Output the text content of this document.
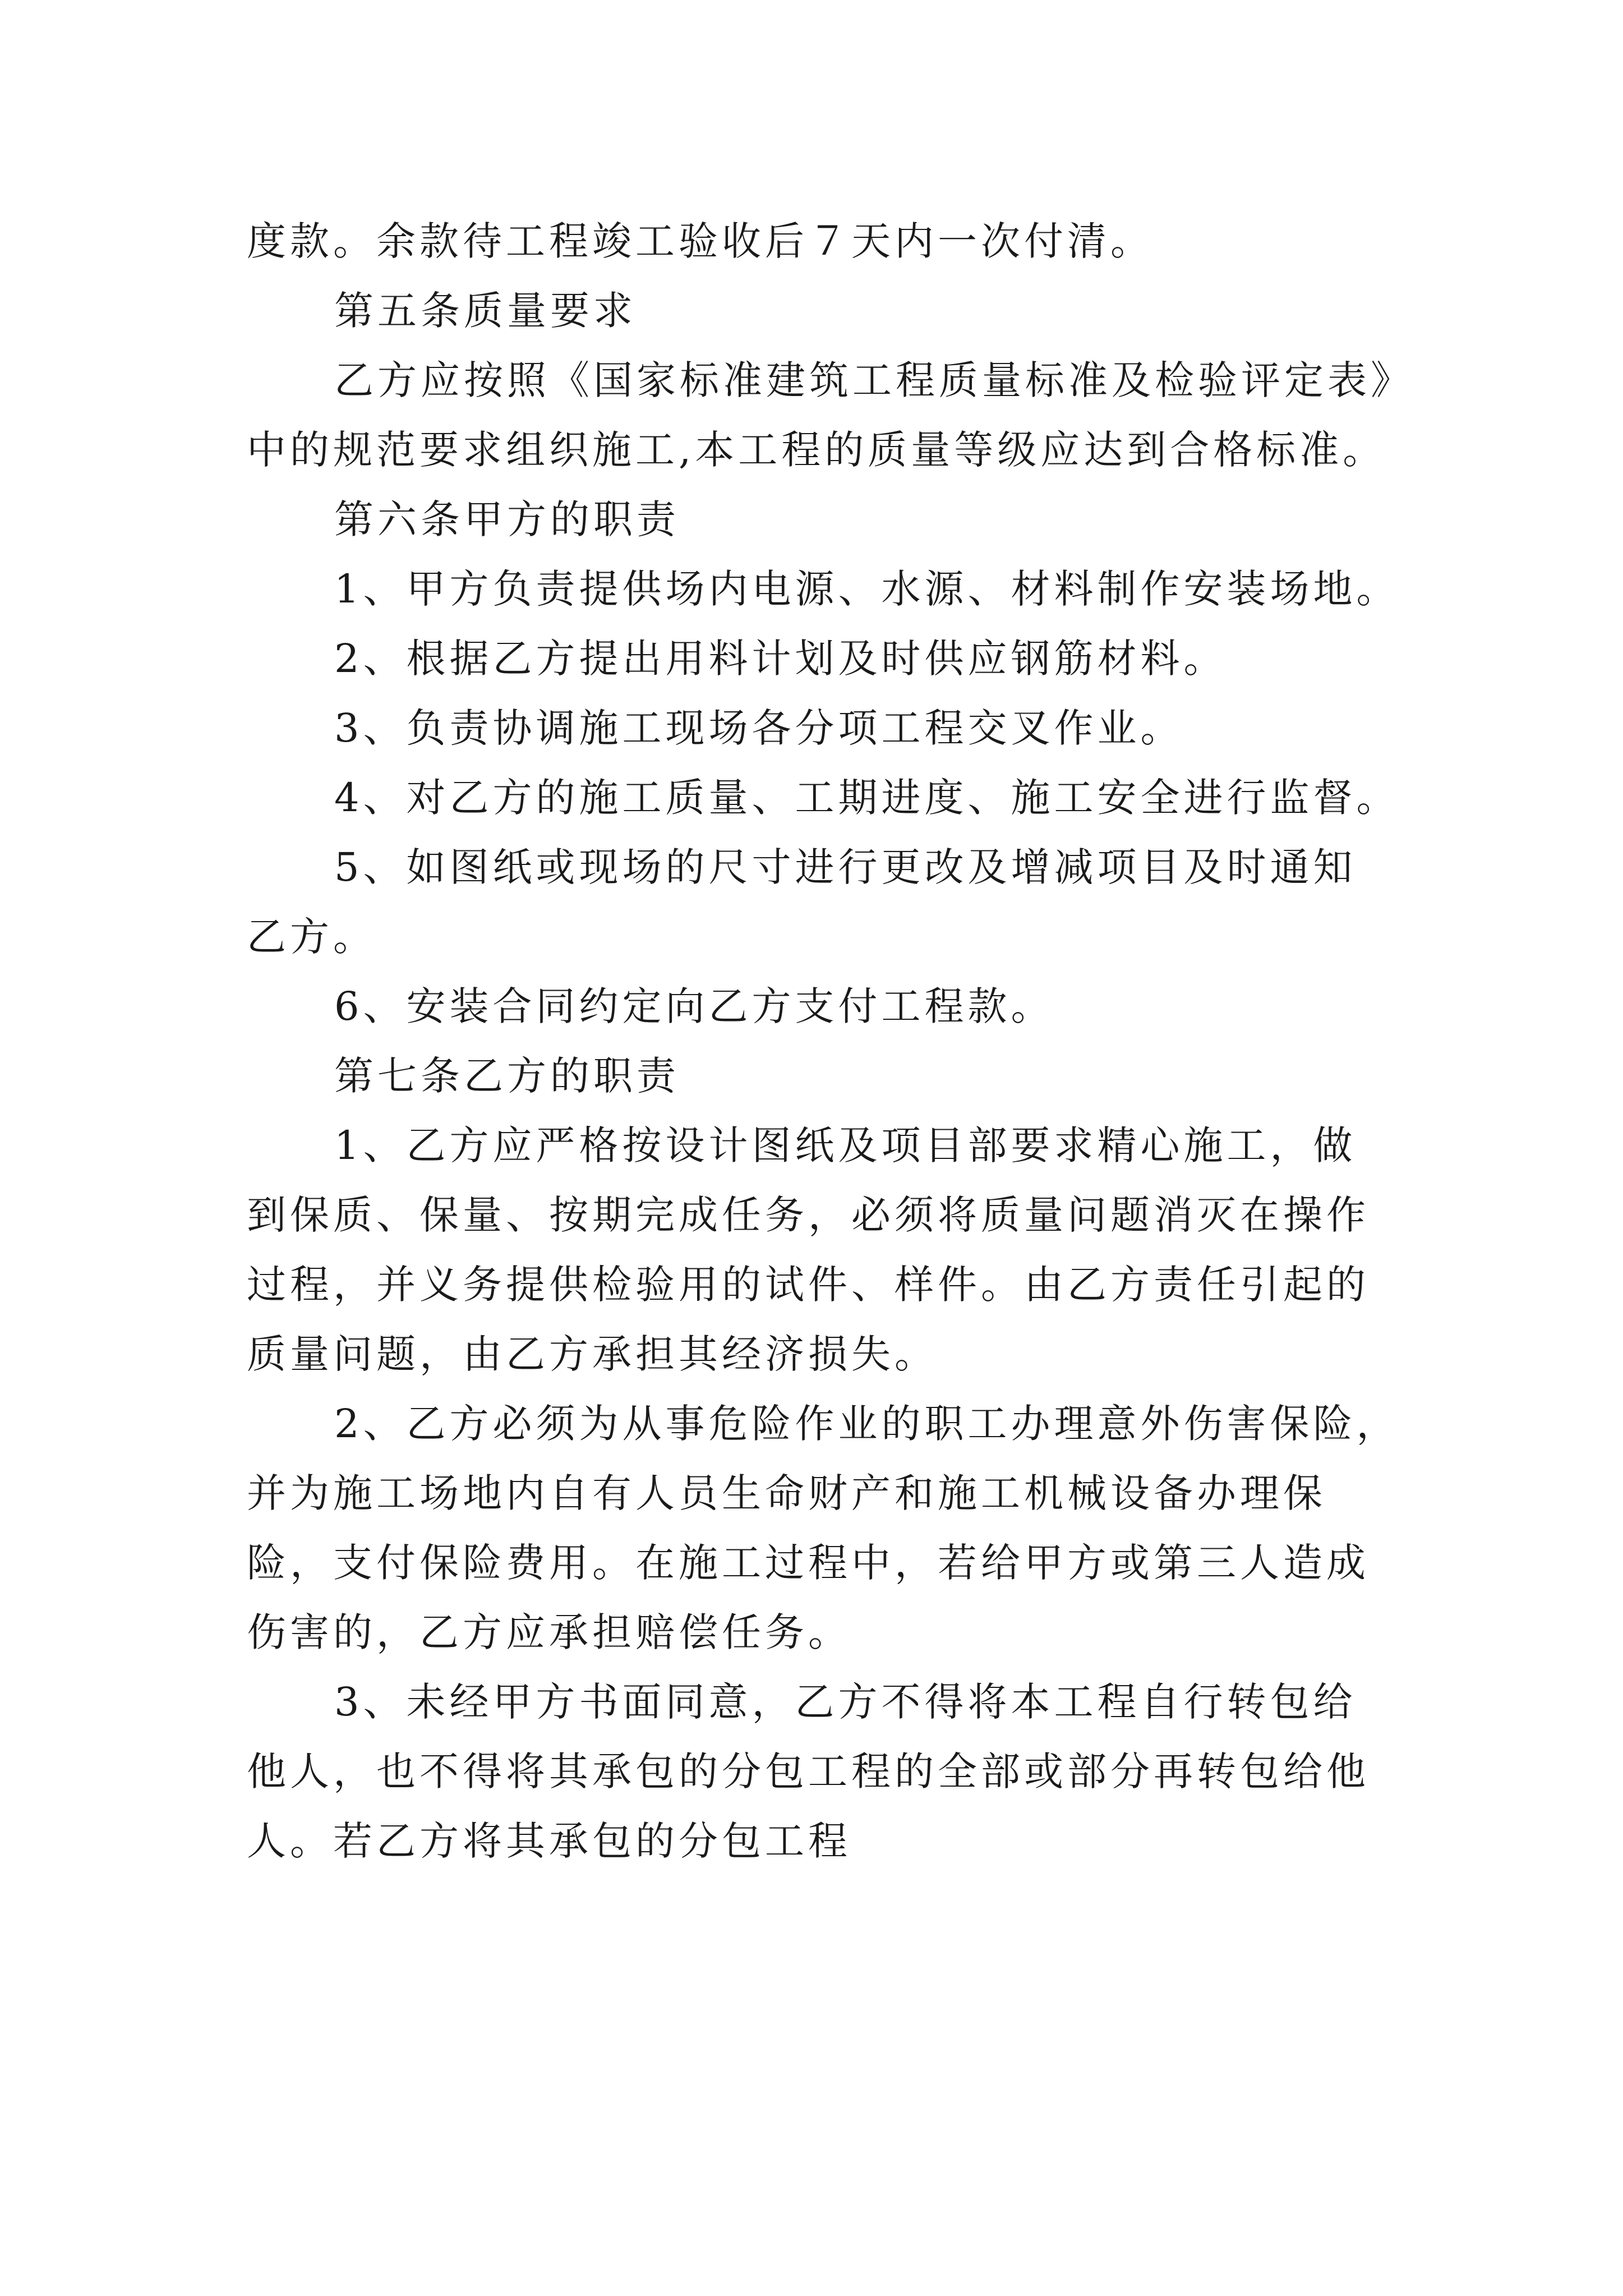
度款。余款待工程竣工验收后７天内一次付清。
第五条质量要求
乙方应按照《国家标准建筑工程质量标准及检验评定表》
中的规范要求组织施工,本工程的质量等级应达到合格标准。
第六条甲方的职责
1、甲方负责提供场内电源、水源、材料制作安装场地。
2、根据乙方提出用料计划及时供应钢筋材料。
3、负责协调施工现场各分项工程交叉作业。
4、对乙方的施工质量、工期进度、施工安全进行监督。
5、如图纸或现场的尺寸进行更改及增减项目及时通知
乙方。
6、安装合同约定向乙方支付工程款。
第七条乙方的职责
1、乙方应严格按设计图纸及项目部要求精心施工，做
到保质、保量、按期完成任务，必须将质量问题消灭在操作
过程，并义务提供检验用的试件、样件。由乙方责任引起的
质量问题，由乙方承担其经济损失。
2、乙方必须为从事危险作业的职工办理意外伤害保险，
并为施工场地内自有人员生命财产和施工机械设备办理保
险，支付保险费用。在施工过程中，若给甲方或第三人造成
伤害的，乙方应承担赔偿任务。
3、未经甲方书面同意，乙方不得将本工程自行转包给
他人，也不得将其承包的分包工程的全部或部分再转包给他
人。若乙方将其承包的分包工程
